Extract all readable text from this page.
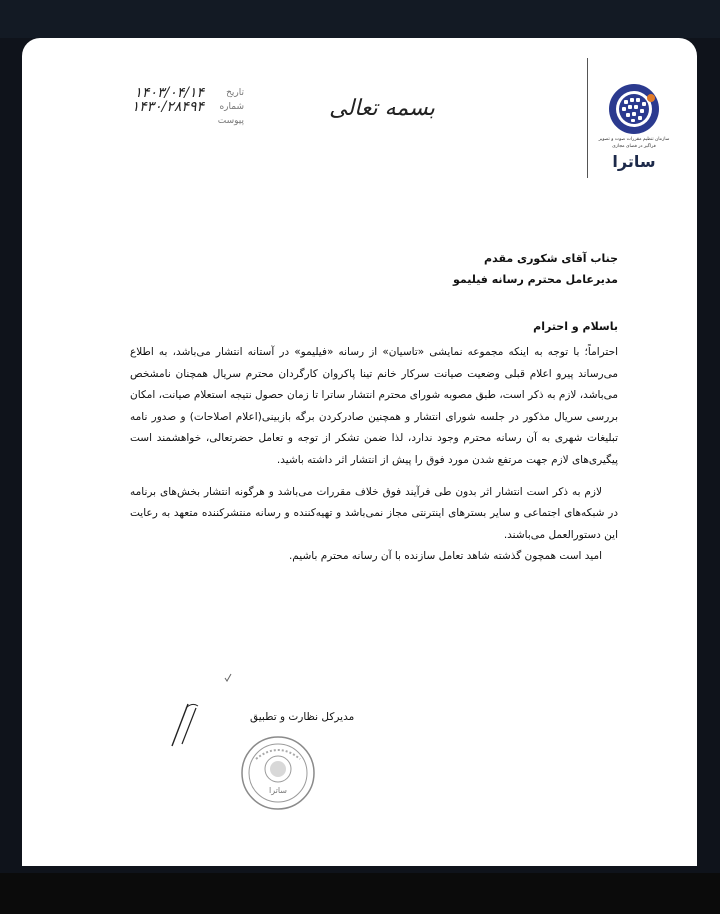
سازمان تنظیم مقررات صوت و تصویر
فراگیر در فضای مجازی
ساترا
بسمه تعالی
تاریخ
۱۴۰۳/۰۴/۱۴
شماره
۱۴۳۰/۲۸۴۹۴
پیوست
جناب آقای شکوری مقدم
مدیرعامل محترم رسانه فیلیمو
باسلام و احترام
احتراماً؛ با توجه به اینکه مجموعه نمایشی «تاسیان» از رسانه «فیلیمو» در آستانه انتشار می‌باشد، به اطلاع می‌رساند پیرو اعلام قبلی وضعیت صیانت سرکار خانم تینا پاکروان کارگردان محترم سریال همچنان نامشخص می‌باشد، لازم به ذکر است، طبق مصوبه شورای محترم انتشار ساترا تا زمان حصول نتیجه استعلام صیانت، امکان بررسی سریال مذکور در جلسه شورای انتشار و همچنین صادرکردن برگه بازبینی(اعلام اصلاحات) و صدور نامه تبلیغات شهری به آن رسانه محترم وجود ندارد، لذا ضمن تشکر از توجه و تعامل حضرتعالی، خواهشمند است پیگیری‌های لازم جهت مرتفع شدن مورد فوق را پیش از انتشار اثر داشته باشید.
لازم به ذکر است انتشار اثر بدون طی فرآیند فوق خلاف مقررات می‌باشد و هرگونه انتشار بخش‌های برنامه در شبکه‌های اجتماعی و سایر بسترهای اینترنتی مجاز نمی‌باشد و تهیه‌کننده و رسانه منتشرکننده متعهد به رعایت این دستورالعمل می‌باشند.
امید است همچون گذشته شاهد تعامل سازنده با آن رسانه محترم باشیم.
مدیرکل نظارت و تطبیق
ساترا
